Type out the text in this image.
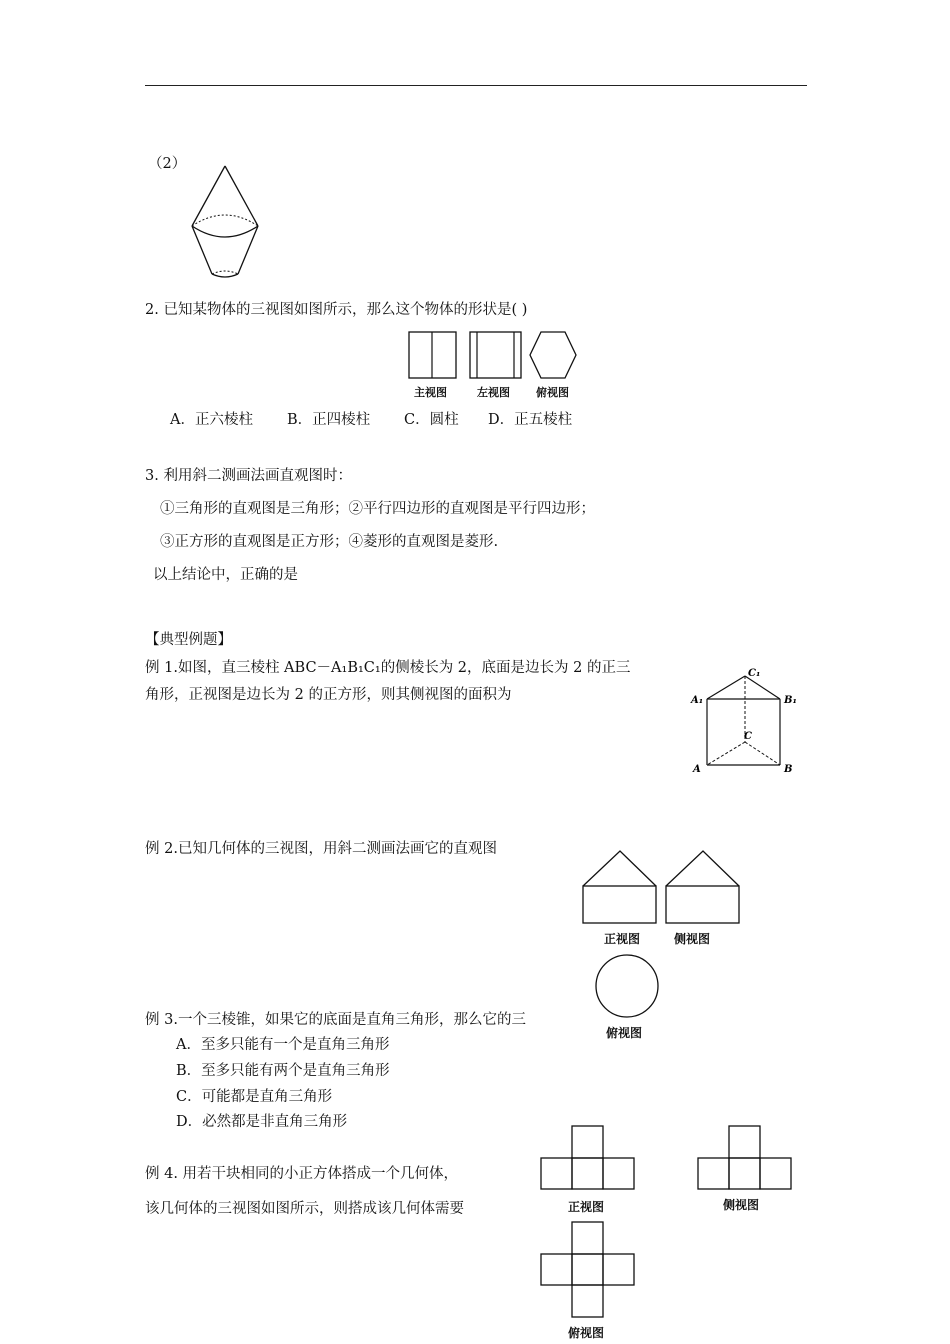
（2）
2. 已知某物体的三视图如图所示，那么这个物体的形状是( )
主视图	左视图 俯视图
A．正六棱柱 B．正四棱柱 C．圆柱 D．正五棱柱
3. 利用斜二测画法画直观图时：
①三角形的直观图是三角形；②平行四边形的直观图是平行四边形；
③正方形的直观图是正方形；④菱形的直观图是菱形.
以上结论中，正确的是
【典型例题】
例 1.如图，直三棱柱 ABC－A₁B₁C₁的侧棱长为 2，底面是边长为 2 的正三
角形，正视图是边长为 2 的正方形，则其侧视图的面积为
C₁
A₁	B₁
C
A	B
例 2.已知几何体的三视图，用斜二测画法画它的直观图
正视图	侧视图
俯视图
例 3.一个三棱锥，如果它的底面是直角三角形，那么它的三
A．至多只能有一个是直角三角形
B．至多只能有两个是直角三角形
C．可能都是直角三角形
D．必然都是非直角三角形
例 4. 用若干块相同的小正方体搭成一个几何体，
该几何体的三视图如图所示，则搭成该几何体需要	正视图	侧视图
俯视图
